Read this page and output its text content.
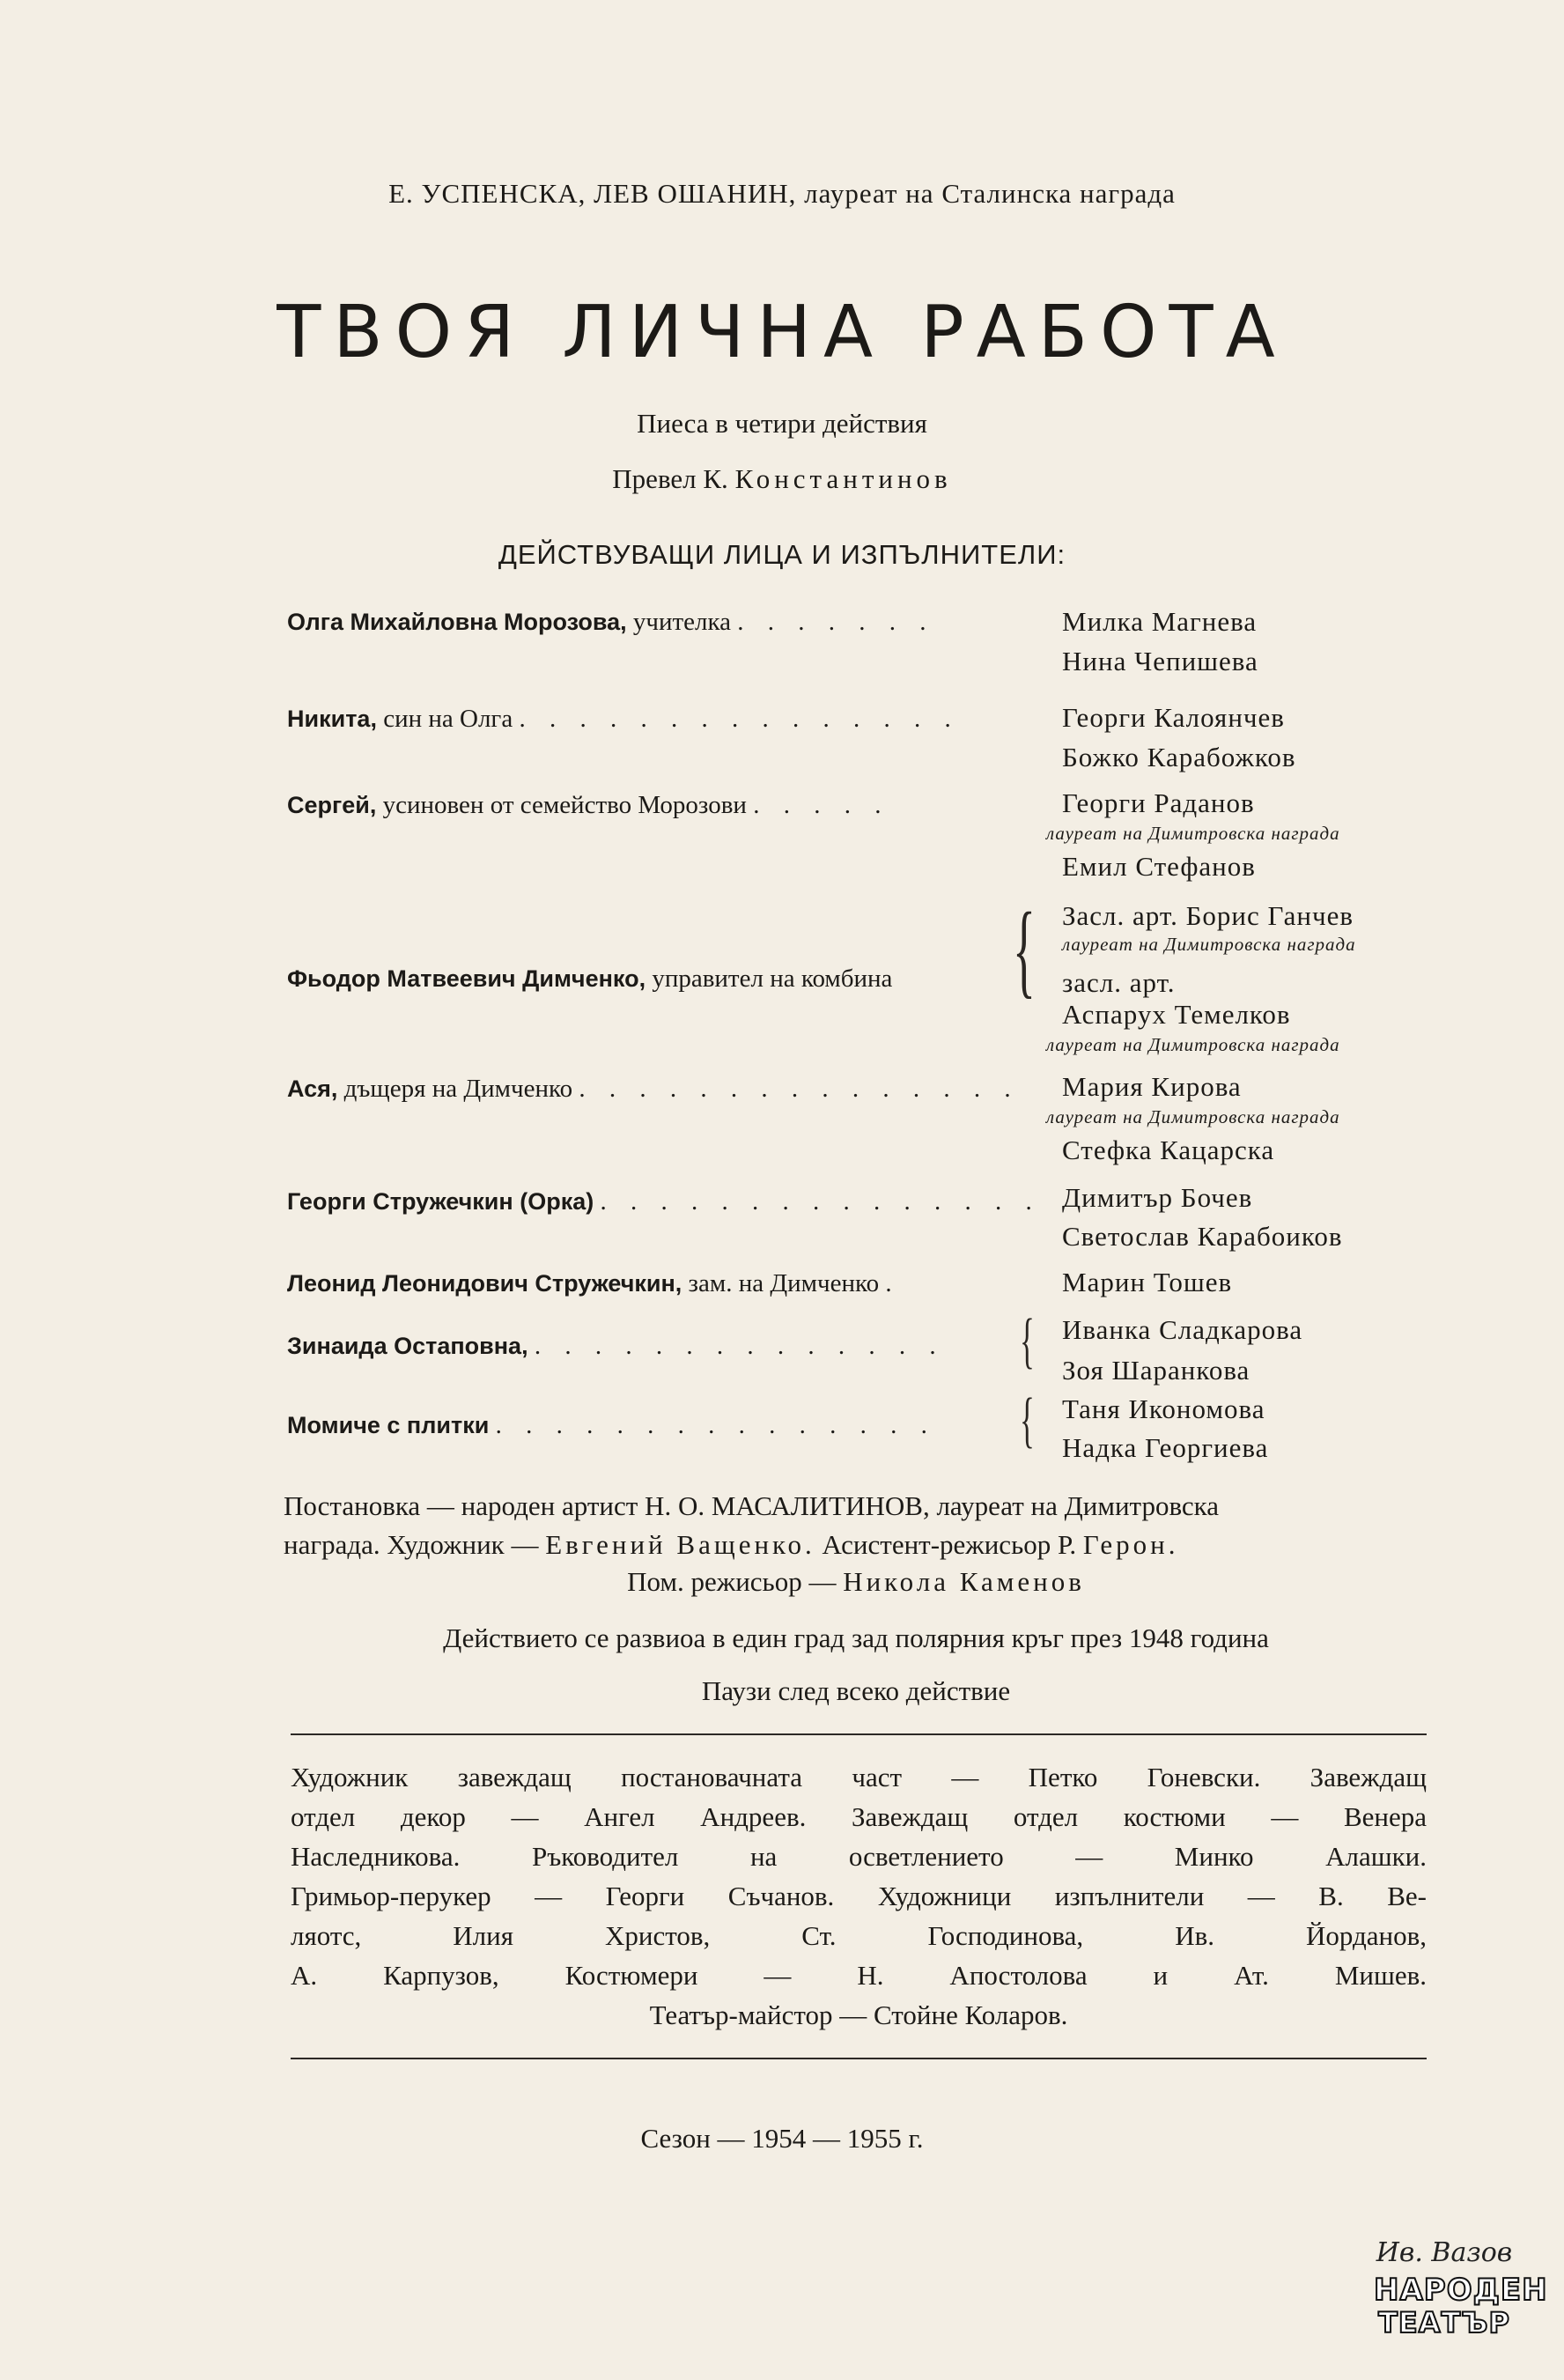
Е. УСПЕНСКА, ЛЕВ ОШАНИН, лауреат на Сталинска награда
ТВОЯ ЛИЧНА РАБОТА
Пиеса в четири действия
Превел К. Константинов
ДЕЙСТВУВАЩИ ЛИЦА И ИЗПЪЛНИТЕЛИ:
Олга Михайловна Морозова, учителка . . . . . . .	Милка Магнева
Нина Чепишева
Никита, син на Олга . . . . . . . . . . . . . . .	Георги Калоянчев
Божко Карабожков
Сергей, усиновен от семейство Морозови . . . . .	Георги Раданов
лауреат на Димитровска награда
Емил Стефанов
Фьодор Матвеевич Димченко, управител на комбина { Засл. арт. Борис Ганчев
лауреат на Димитровска награда
засл. арт.
Аспарух Темелков
лауреат на Димитровска награда
Ася, дъщеря на Димченко . . . . . . . . . . . . . . . Мария Кирова
лауреат на Димитровска награда
Стефка Кацарска
Георги Стружечкин (Орка) . . . . . . . . . . . . . . . Димитър Бочев
Светослав Карабоиков
Леонид Леонидович Стружечкин, зам. на Димченко .	Марин Тошев
Зинаида Остаповна, . . . . . . . . . . . . . . { Иванка Сладкарова
Зоя Шаранкова
Момиче с плитки . . . . . . . . . . . . . . . { Таня Икономова
Надка Георгиева
Постановка — народен артист Н. О. МАСАЛИТИНОВ, лауреат на Димитровска
награда. Художник — Евгений Ващенко. Асистент-режисьор Р. Герон.
Пом. режисьор — Никола Каменов
Действието се развиоа в един град зад полярния кръг през 1948 година
Паузи след всеко действие
Художник завеждащ постановачната част — Петко Гоневски. Завеждащ
отдел декор — Ангел Андреев. Завеждащ отдел костюми — Венера
Наследникова. Ръководител на осветлението — Минко Алашки.
Гримьор-перукер — Георги Съчанов. Художници изпълнители — В. Ве-
ляотс, Илия Христов, Ст. Господинова, Ив. Йорданов,
А. Карпузов, Костюмери — Н. Апостолова и Ат. Мишев.
Театър-майстор — Стойне Коларов.
Сезон — 1954 — 1955 г.
Ив. Вазов
НАРОДЕН
ТЕАТЪР
